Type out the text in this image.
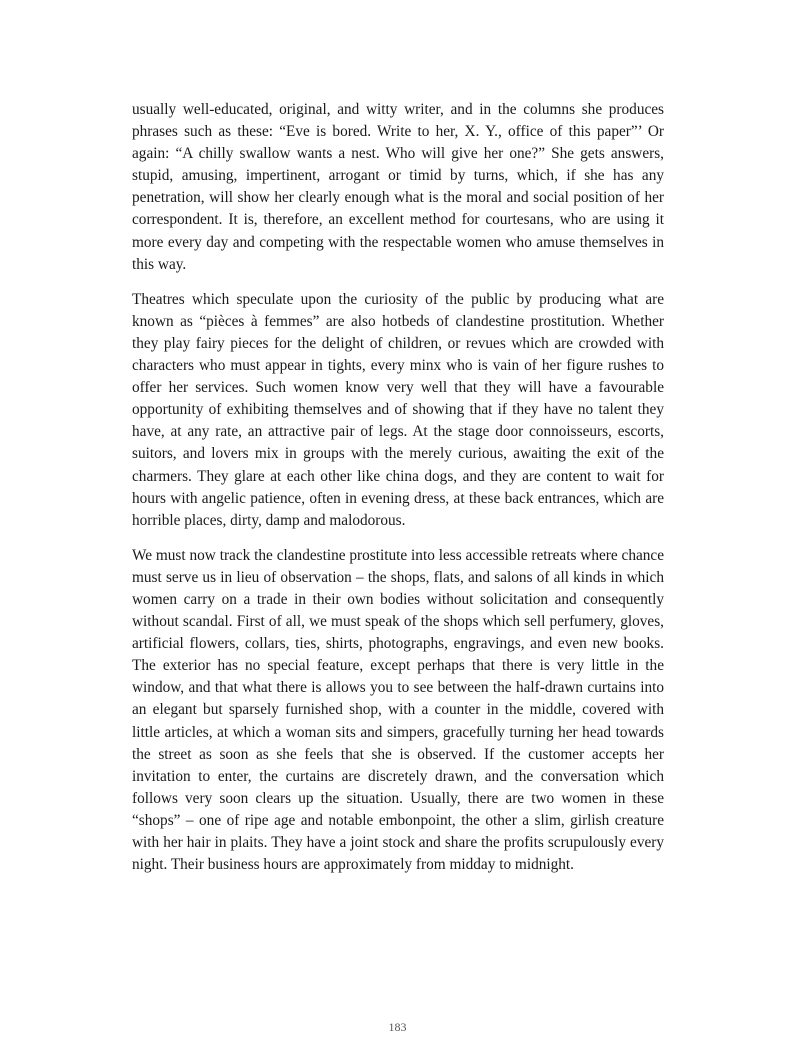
usually well-educated, original, and witty writer, and in the columns she produces phrases such as these: “Eve is bored. Write to her, X. Y., office of this paper”’ Or again: “A chilly swallow wants a nest. Who will give her one?” She gets answers, stupid, amusing, impertinent, arrogant or timid by turns, which, if she has any penetration, will show her clearly enough what is the moral and social position of her correspondent. It is, therefore, an excellent method for courtesans, who are using it more every day and competing with the respectable women who amuse themselves in this way.

Theatres which speculate upon the curiosity of the public by producing what are known as “pièces à femmes” are also hotbeds of clandestine prostitution. Whether they play fairy pieces for the delight of children, or revues which are crowded with characters who must appear in tights, every minx who is vain of her figure rushes to offer her services. Such women know very well that they will have a favourable opportunity of exhibiting themselves and of showing that if they have no talent they have, at any rate, an attractive pair of legs. At the stage door connoisseurs, escorts, suitors, and lovers mix in groups with the merely curious, awaiting the exit of the charmers. They glare at each other like china dogs, and they are content to wait for hours with angelic patience, often in evening dress, at these back entrances, which are horrible places, dirty, damp and malodorous.

We must now track the clandestine prostitute into less accessible retreats where chance must serve us in lieu of observation – the shops, flats, and salons of all kinds in which women carry on a trade in their own bodies without solicitation and consequently without scandal. First of all, we must speak of the shops which sell perfumery, gloves, artificial flowers, collars, ties, shirts, photographs, engravings, and even new books. The exterior has no special feature, except perhaps that there is very little in the window, and that what there is allows you to see between the half-drawn curtains into an elegant but sparsely furnished shop, with a counter in the middle, covered with little articles, at which a woman sits and simpers, gracefully turning her head towards the street as soon as she feels that she is observed. If the customer accepts her invitation to enter, the curtains are discretely drawn, and the conversation which follows very soon clears up the situation. Usually, there are two women in these “shops” – one of ripe age and notable embonpoint, the other a slim, girlish creature with her hair in plaits. They have a joint stock and share the profits scrupulously every night. Their business hours are approximately from midday to midnight.

183
